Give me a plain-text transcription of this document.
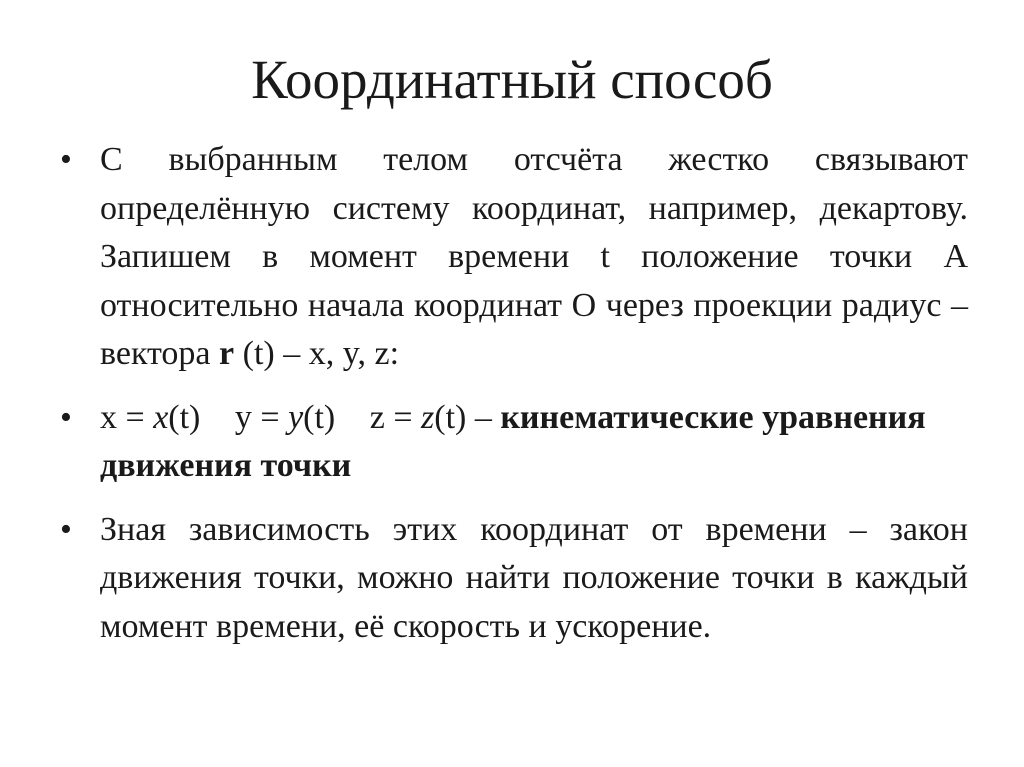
Координатный способ
• С выбранным телом отсчёта жестко связывают определённую систему координат, например, декартову. Запишем в момент времени t положение точки А относительно начала координат О через проекции радиус – вектора r (t) – x, y, z:
• x = x(t) y = y(t) z = z(t) – кинематические уравнения движения точки
• Зная зависимость этих координат от времени – закон движения точки, можно найти положение точки в каждый момент времени, её скорость и ускорение.
